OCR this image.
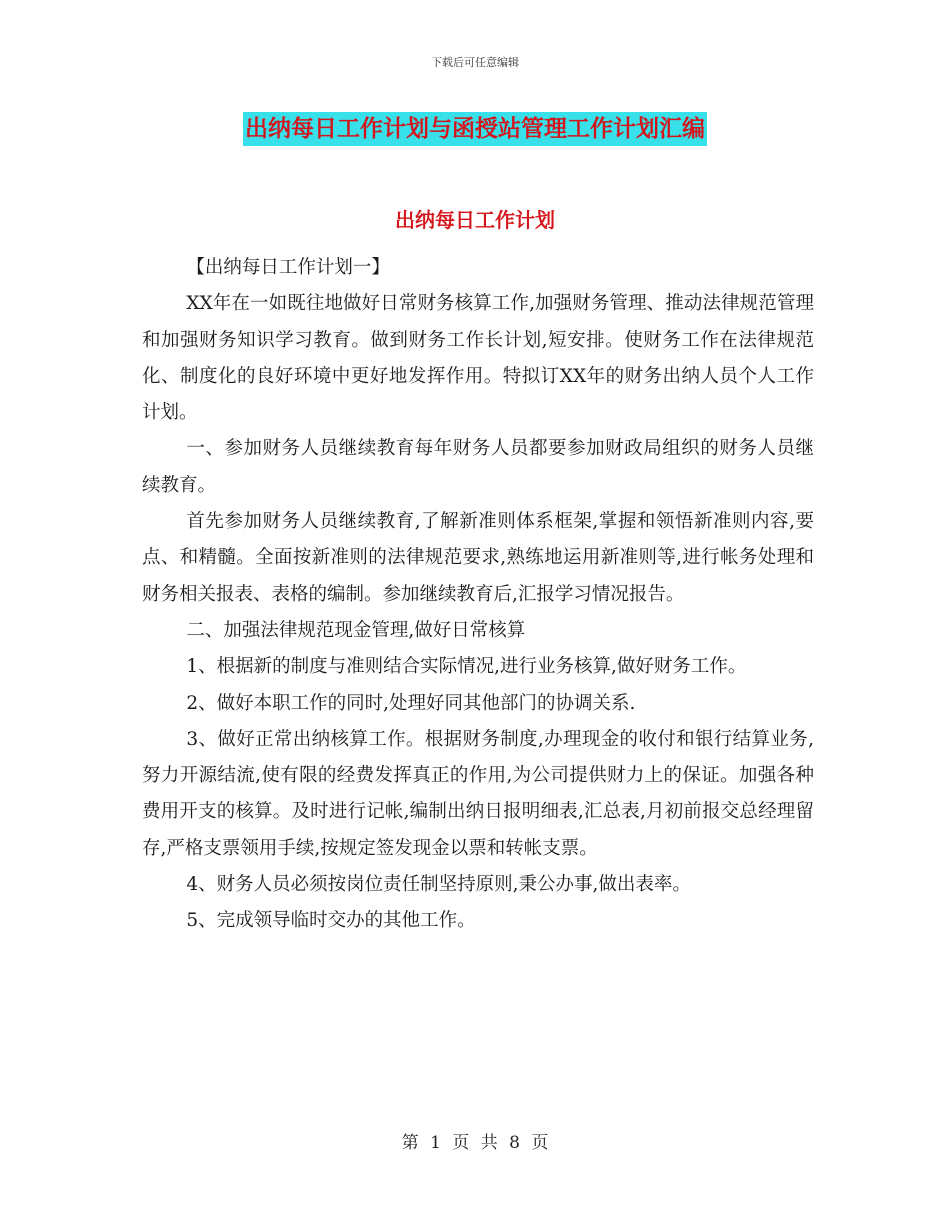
下载后可任意编辑
出纳每日工作计划与函授站管理工作计划汇编
出纳每日工作计划

【出纳每日工作计划一】

XX年在一如既往地做好日常财务核算工作,加强财务管理、推动法律规范管理和加强财务知识学习教育。做到财务工作长计划,短安排。使财务工作在法律规范化、制度化的良好环境中更好地发挥作用。特拟订XX年的财务出纳人员个人工作计划。

一、参加财务人员继续教育每年财务人员都要参加财政局组织的财务人员继续教育。

首先参加财务人员继续教育,了解新准则体系框架,掌握和领悟新准则内容,要点、和精髓。全面按新准则的法律规范要求,熟练地运用新准则等,进行帐务处理和财务相关报表、表格的编制。参加继续教育后,汇报学习情况报告。

二、加强法律规范现金管理,做好日常核算

1、根据新的制度与准则结合实际情况,进行业务核算,做好财务工作。

2、做好本职工作的同时,处理好同其他部门的协调关系.

3、做好正常出纳核算工作。根据财务制度,办理现金的收付和银行结算业务,努力开源结流,使有限的经费发挥真正的作用,为公司提供财力上的保证。加强各种费用开支的核算。及时进行记帐,编制出纳日报明细表,汇总表,月初前报交总经理留存,严格支票领用手续,按规定签发现金以票和转帐支票。

4、财务人员必须按岗位责任制坚持原则,秉公办事,做出表率。

5、完成领导临时交办的其他工作。

第 1 页 共 8 页
